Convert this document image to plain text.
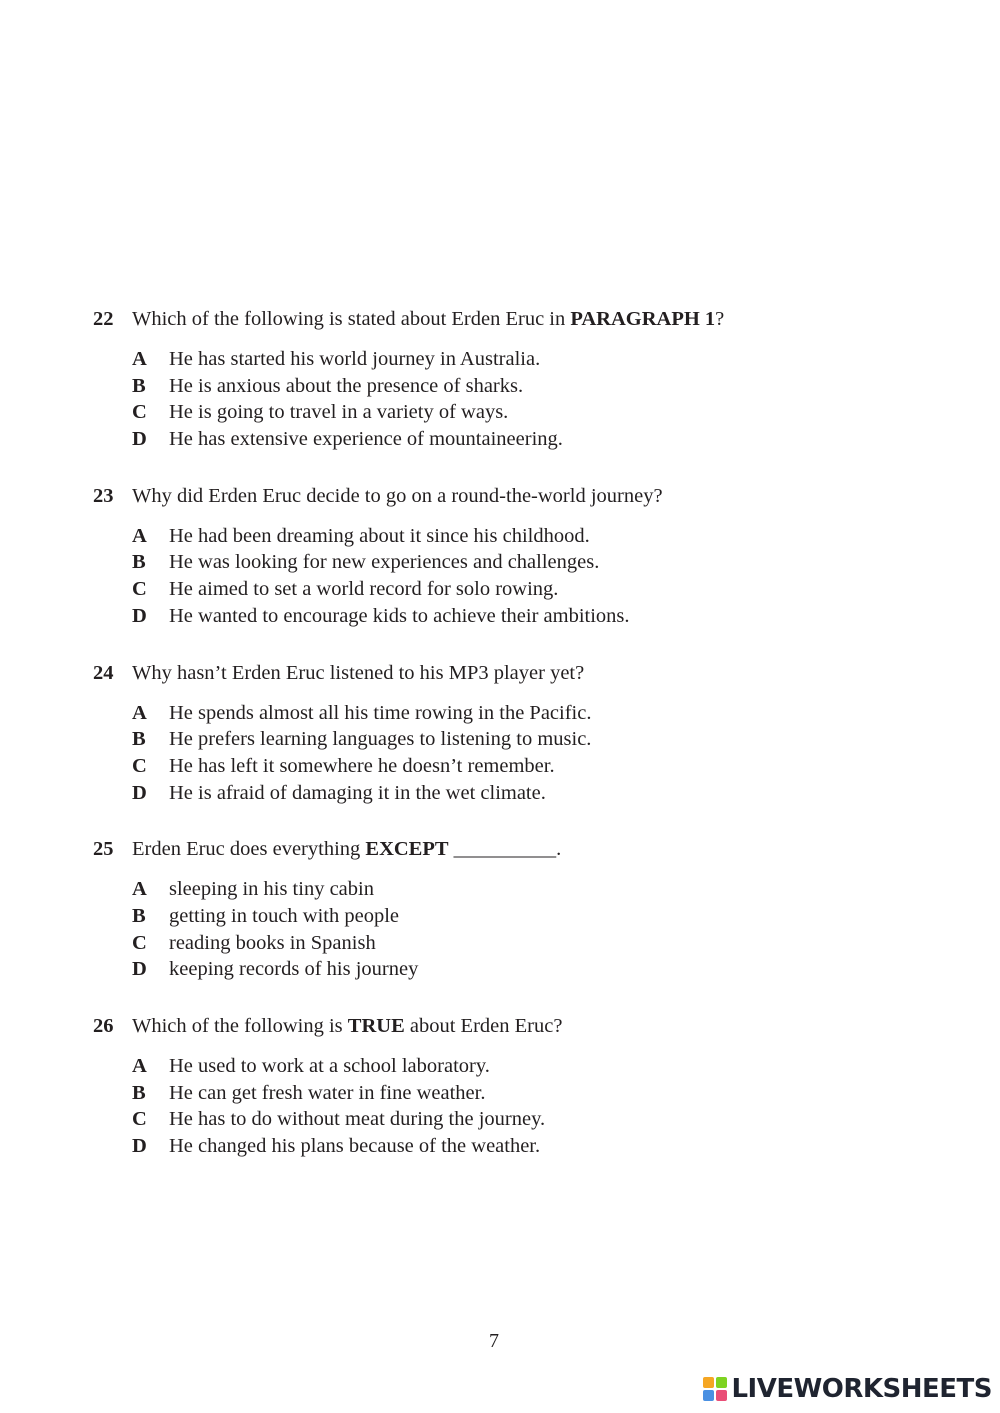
22 Which of the following is stated about Erden Eruc in PARAGRAPH 1?
A	He has started his world journey in Australia.
B	He is anxious about the presence of sharks.
C	He is going to travel in a variety of ways.
D	He has extensive experience of mountaineering.
23 Why did Erden Eruc decide to go on a round-the-world journey?
A	He had been dreaming about it since his childhood.
B	He was looking for new experiences and challenges.
C	He aimed to set a world record for solo rowing.
D	He wanted to encourage kids to achieve their ambitions.
24 Why hasn’t Erden Eruc listened to his MP3 player yet?
A	He spends almost all his time rowing in the Pacific.
B	He prefers learning languages to listening to music.
C	He has left it somewhere he doesn’t remember.
D	He is afraid of damaging it in the wet climate.
25 Erden Eruc does everything EXCEPT __________.
A	sleeping in his tiny cabin
B	getting in touch with people
C	reading books in Spanish
D	keeping records of his journey
26 Which of the following is TRUE about Erden Eruc?
A	He used to work at a school laboratory.
B	He can get fresh water in fine weather.
C	He has to do without meat during the journey.
D	He changed his plans because of the weather.
7
LIVEWORKSHEETS
